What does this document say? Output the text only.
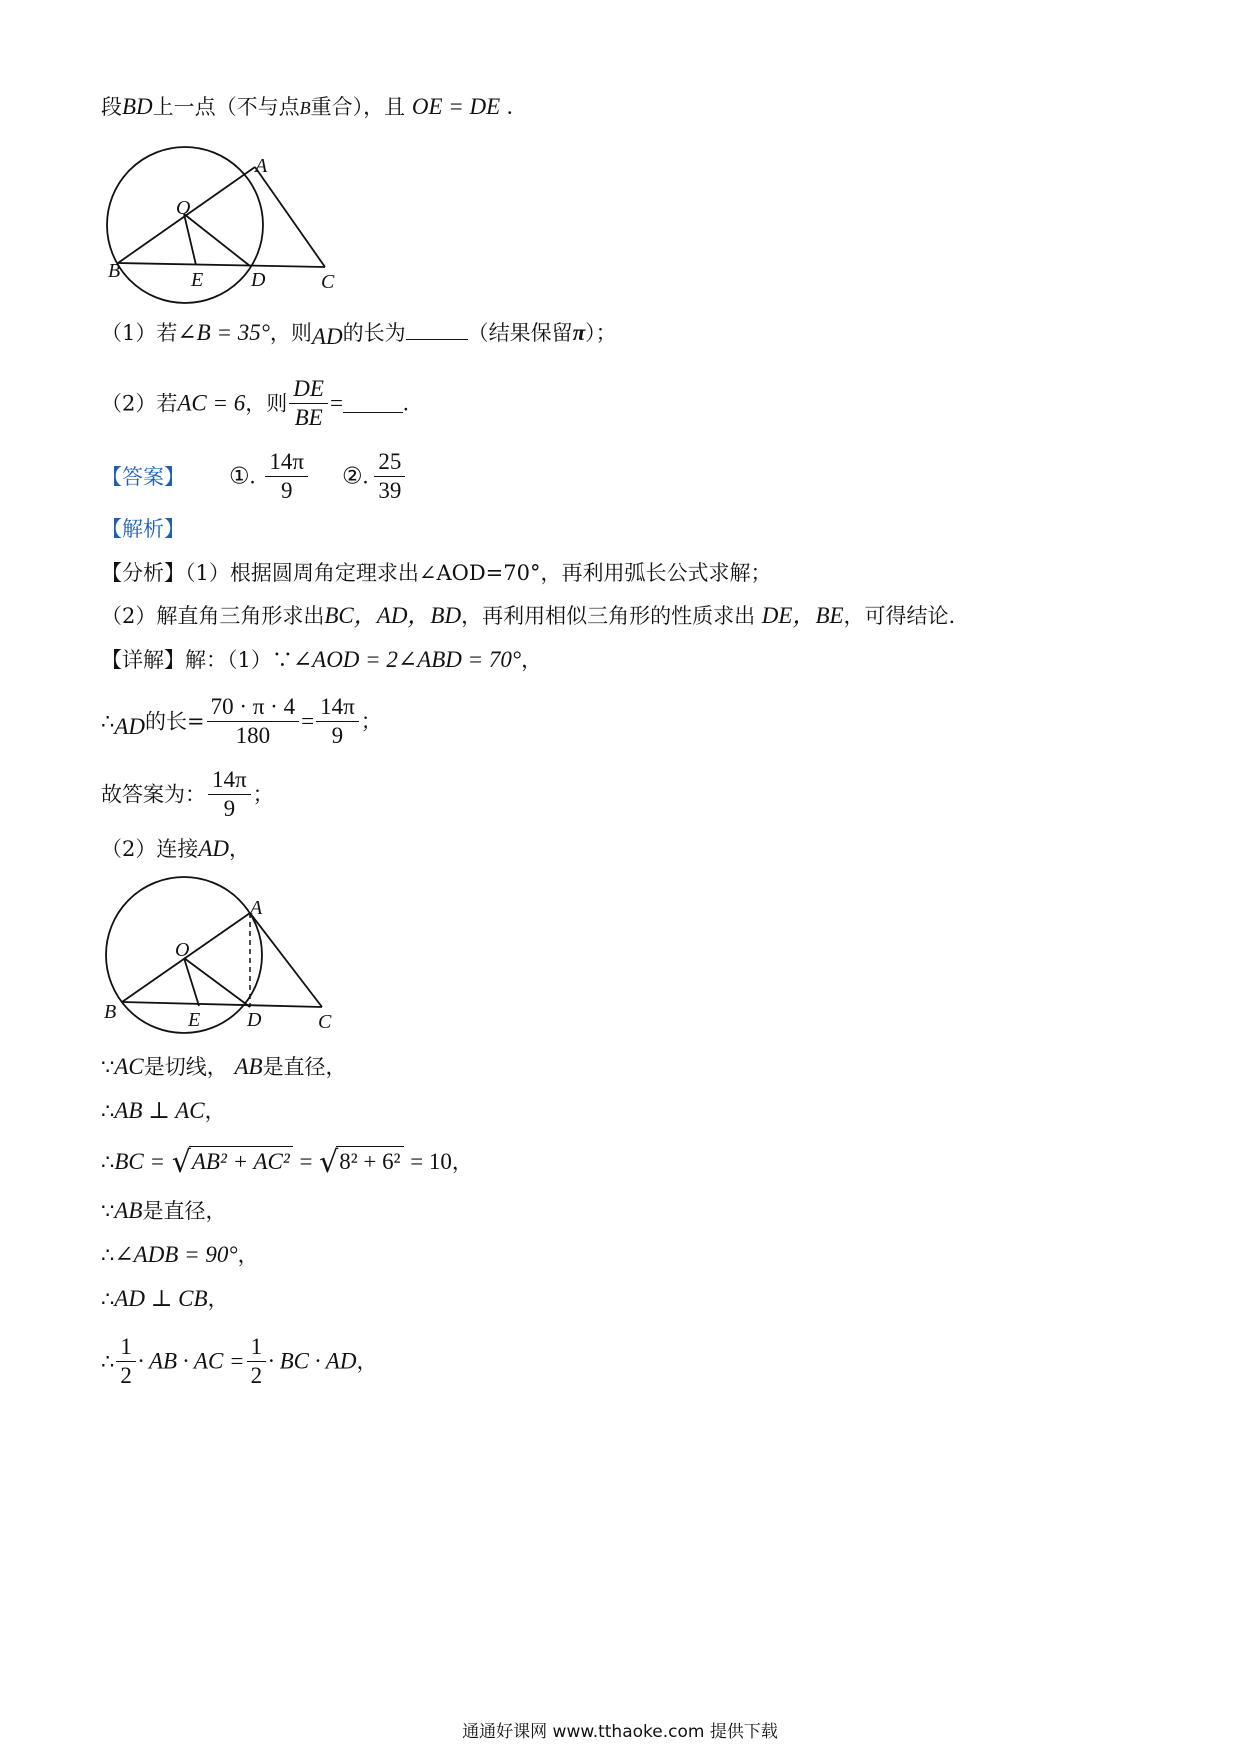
段BD上一点（不与点B重合），且 OE = DE .
A
O
B	E D	C
（1）若∠B = 35°，则AD的长为	（结果保留π）；
（2）若AC = 6，则 $\frac{DE}{BE}$ =	.
【答案】 ①. $\frac{14\pi}{9}$ ②. $\frac{25}{39}$
【解析】
【分析】（1）根据圆周角定理求出∠AOD=70°，再利用弧长公式求解；
（2）解直角三角形求出BC，AD，BD，再利用相似三角形的性质求出 DE，BE，可得结论.
【详解】解：（1）∵∠AOD = 2∠ABD = 70°，
∴AD的长= $\frac{70 \cdot \pi \cdot 4}{180} = \frac{14\pi}{9}$ ；
故答案为： $\frac{14\pi}{9}$ ；
（2）连接AD，
A
O
B	E D	C
∵AC是切线， AB是直径，
∴AB ⊥ AC，
∴BC = √AB² + AC² = √8² + 6² = 10，
∵AB是直径，
∴∠ADB = 90°，
∴AD ⊥ CB，
∴ $\frac{1}{2}$ · AB · AC = $\frac{1}{2}$ · BC · AD，
通通好课网 www.tthaoke.com 提供下载
